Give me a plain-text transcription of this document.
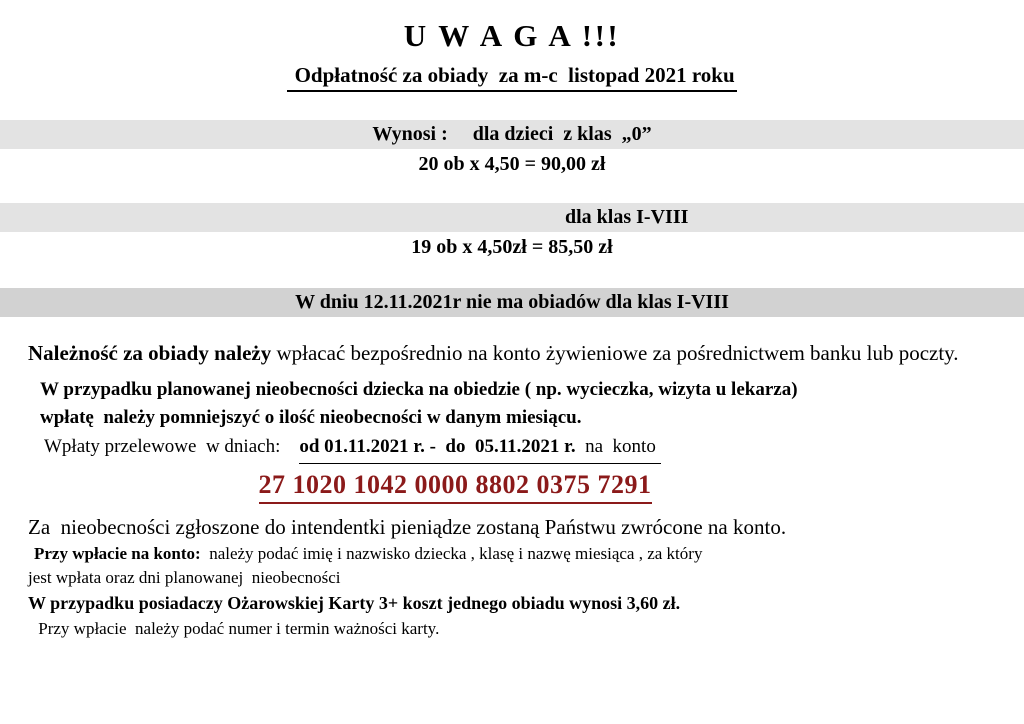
U W A G A !!!
Odpłatność za obiady  za m-c  listopad 2021 roku
Wynosi :     dla dzieci  z klas  „0”
20 ob x 4,50 = 90,00 zł
dla klas I-VIII
19 ob x 4,50zł = 85,50 zł
W dniu 12.11.2021r nie ma obiadów dla klas I-VIII

Należność za obiady należy wpłacać bezpośrednio na konto żywieniowe za pośrednictwem banku lub poczty.

W przypadku planowanej nieobecności dziecka na obiedzie ( np. wycieczka, wizyta u lekarza)

wpłatę  należy pomniejszyć o ilość nieobecności w danym miesiącu.

Wpłaty przelewowe  w dniach:    od 01.11.2021 r. -  do  05.11.2021 r.  na  konto

27 1020 1042 0000 8802 0375 7291

Za  nieobecności zgłoszone do intendentki pieniądze zostaną Państwu zwrócone na konto.

Przy wpłacie na konto:  należy podać imię i nazwisko dziecka , klasę i nazwę miesiąca , za który

jest wpłata oraz dni planowanej  nieobecności

W przypadku posiadaczy Ożarowskiej Karty 3+ koszt jednego obiadu wynosi 3,60 zł.

Przy wpłacie  należy podać numer i termin ważności karty.
